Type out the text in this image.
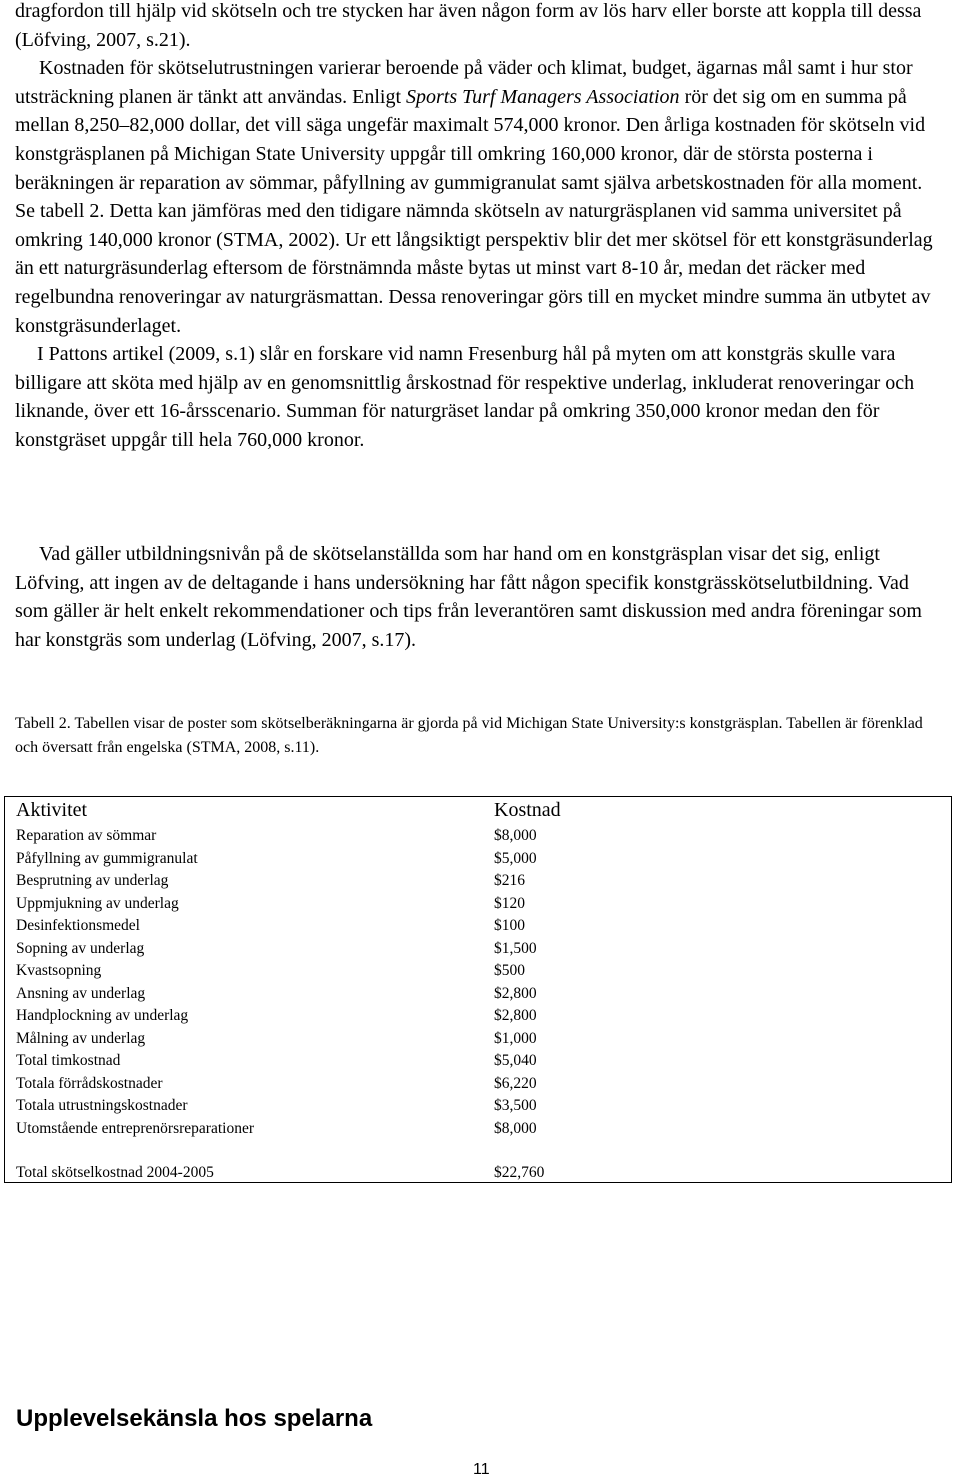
dragfordon till hjälp vid skötseln och tre stycken har även någon form av lös harv eller borste att koppla till dessa (Löfving, 2007, s.21).

Kostnaden för skötselutrustningen varierar beroende på väder och klimat, budget, ägarnas mål samt i hur stor utsträckning planen är tänkt att användas. Enligt Sports Turf Managers Association rör det sig om en summa på mellan 8,250–82,000 dollar, det vill säga ungefär maximalt 574,000 kronor. Den årliga kostnaden för skötseln vid konstgräsplanen på Michigan State University uppgår till omkring 160,000 kronor, där de största posterna i beräkningen är reparation av sömmar, påfyllning av gummigranulat samt själva arbetskostnaden för alla moment. Se tabell 2. Detta kan jämföras med den tidigare nämnda skötseln av naturgräsplanen vid samma universitet på omkring 140,000 kronor (STMA, 2002). Ur ett långsiktigt perspektiv blir det mer skötsel för ett konstgräsunderlag än ett naturgräsunderlag eftersom de förstnämnda måste bytas ut minst vart 8-10 år, medan det räcker med regelbundna renoveringar av naturgräsmattan. Dessa renoveringar görs till en mycket mindre summa än utbytet av konstgräsunderlaget.

I Pattons artikel (2009, s.1) slår en forskare vid namn Fresenburg hål på myten om att konstgräs skulle vara billigare att sköta med hjälp av en genomsnittlig årskostnad för respektive underlag, inkluderat renoveringar och liknande, över ett 16-årsscenario. Summan för naturgräset landar på omkring 350,000 kronor medan den för konstgräset uppgår till hela 760,000 kronor.

Vad gäller utbildningsnivån på de skötselanställda som har hand om en konstgräsplan visar det sig, enligt Löfving, att ingen av de deltagande i hans undersökning har fått någon specifik konstgrässkötselutbildning. Vad som gäller är helt enkelt rekommendationer och tips från leverantören samt diskussion med andra föreningar som har konstgräs som underlag (Löfving, 2007, s.17).

Tabell 2. Tabellen visar de poster som skötselberäkningarna är gjorda på vid Michigan State University:s konstgräsplan. Tabellen är förenklad och översatt från engelska (STMA, 2008, s.11).
Aktivitet	Kostnad
Reparation av sömmar	$8,000
Påfyllning av gummigranulat	$5,000
Besprutning av underlag	$216
Uppmjukning av underlag	$120
Desinfektionsmedel	$100
Sopning av underlag	$1,500
Kvastsopning	$500
Ansning av underlag	$2,800
Handplockning av underlag	$2,800
Målning av underlag	$1,000
Total timkostnad	$5,040
Totala förrådskostnader	$6,220
Totala utrustningskostnader	$3,500
Utomstående entreprenörsreparationer	$8,000
Total skötselkostnad 2004-2005	$22,760
Upplevelsekänsla hos spelarna
11
